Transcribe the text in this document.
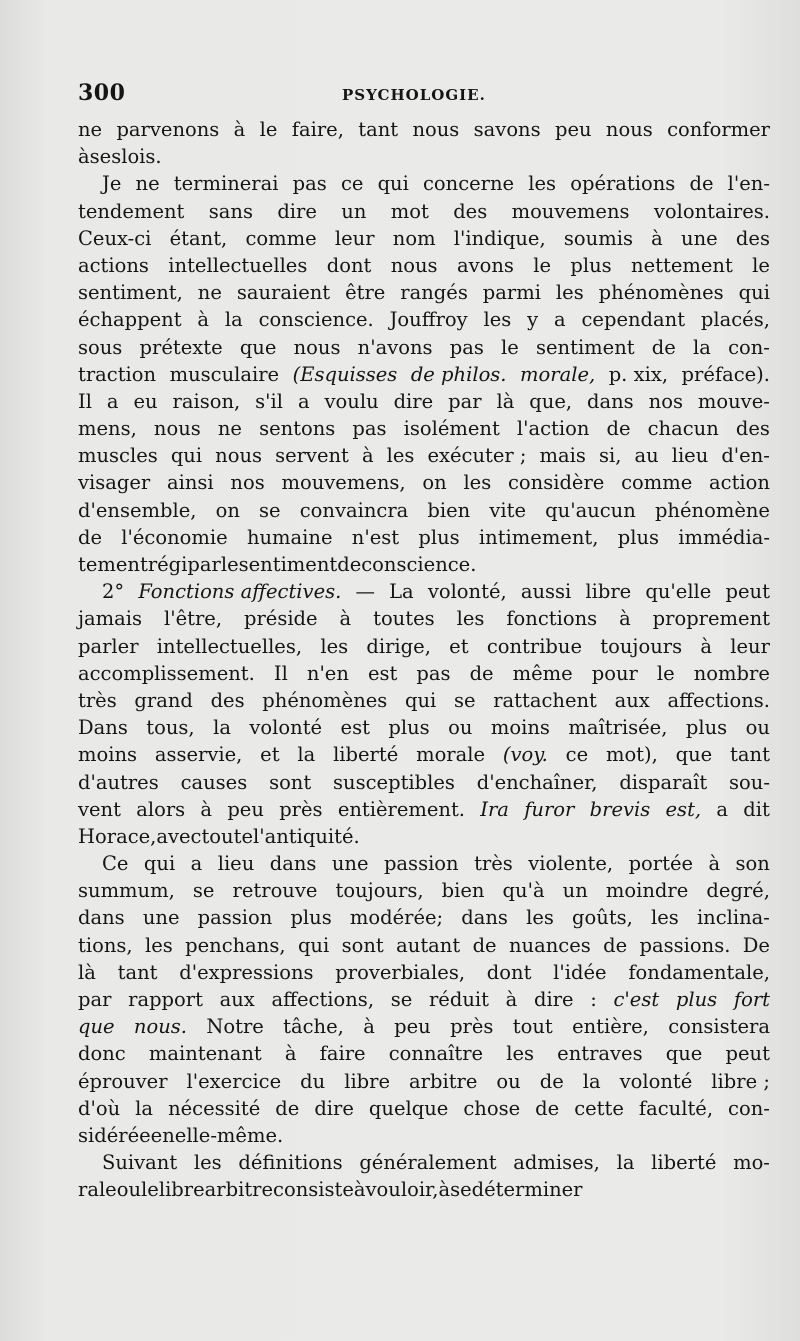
300	PSYCHOLOGIE.
ne parvenons à le faire, tant nous savons peu nous conformer
à ses lois.
Je ne terminerai pas ce qui concerne les opérations de l'en-
tendement sans dire un mot des mouvemens volontaires.
Ceux-ci étant, comme leur nom l'indique, soumis à une des
actions intellectuelles dont nous avons le plus nettement le
sentiment, ne sauraient être rangés parmi les phénomènes qui
échappent à la conscience. Jouffroy les y a cependant placés,
sous prétexte que nous n'avons pas le sentiment de la con-
traction musculaire (Esquisses de philos. morale, p. xix, préface).
Il a eu raison, s'il a voulu dire par là que, dans nos mouve-
mens, nous ne sentons pas isolément l'action de chacun des
muscles qui nous servent à les exécuter ; mais si, au lieu d'en-
visager ainsi nos mouvemens, on les considère comme action
d'ensemble, on se convaincra bien vite qu'aucun phénomène
de l'économie humaine n'est plus intimement, plus immédia-
tement régi par le sentiment de conscience.
2° Fonctions affectives. — La volonté, aussi libre qu'elle peut
jamais l'être, préside à toutes les fonctions à proprement
parler intellectuelles, les dirige, et contribue toujours à leur
accomplissement. Il n'en est pas de même pour le nombre
très grand des phénomènes qui se rattachent aux affections.
Dans tous, la volonté est plus ou moins maîtrisée, plus ou
moins asservie, et la liberté morale (voy. ce mot), que tant
d'autres causes sont susceptibles d'enchaîner, disparaît sou-
vent alors à peu près entièrement. Ira furor brevis est, a dit
Horace, avec toute l'antiquité.
Ce qui a lieu dans une passion très violente, portée à son
summum, se retrouve toujours, bien qu'à un moindre degré,
dans une passion plus modérée; dans les goûts, les inclina-
tions, les penchans, qui sont autant de nuances de passions. De
là tant d'expressions proverbiales, dont l'idée fondamentale,
par rapport aux affections, se réduit à dire : c'est plus fort
que nous. Notre tâche, à peu près tout entière, consistera
donc maintenant à faire connaître les entraves que peut
éprouver l'exercice du libre arbitre ou de la volonté libre ;
d'où la nécessité de dire quelque chose de cette faculté, con-
sidérée en elle-même.
Suivant les définitions généralement admises, la liberté mo-
rale ou le libre arbitre consiste à vouloir, à se déterminer
